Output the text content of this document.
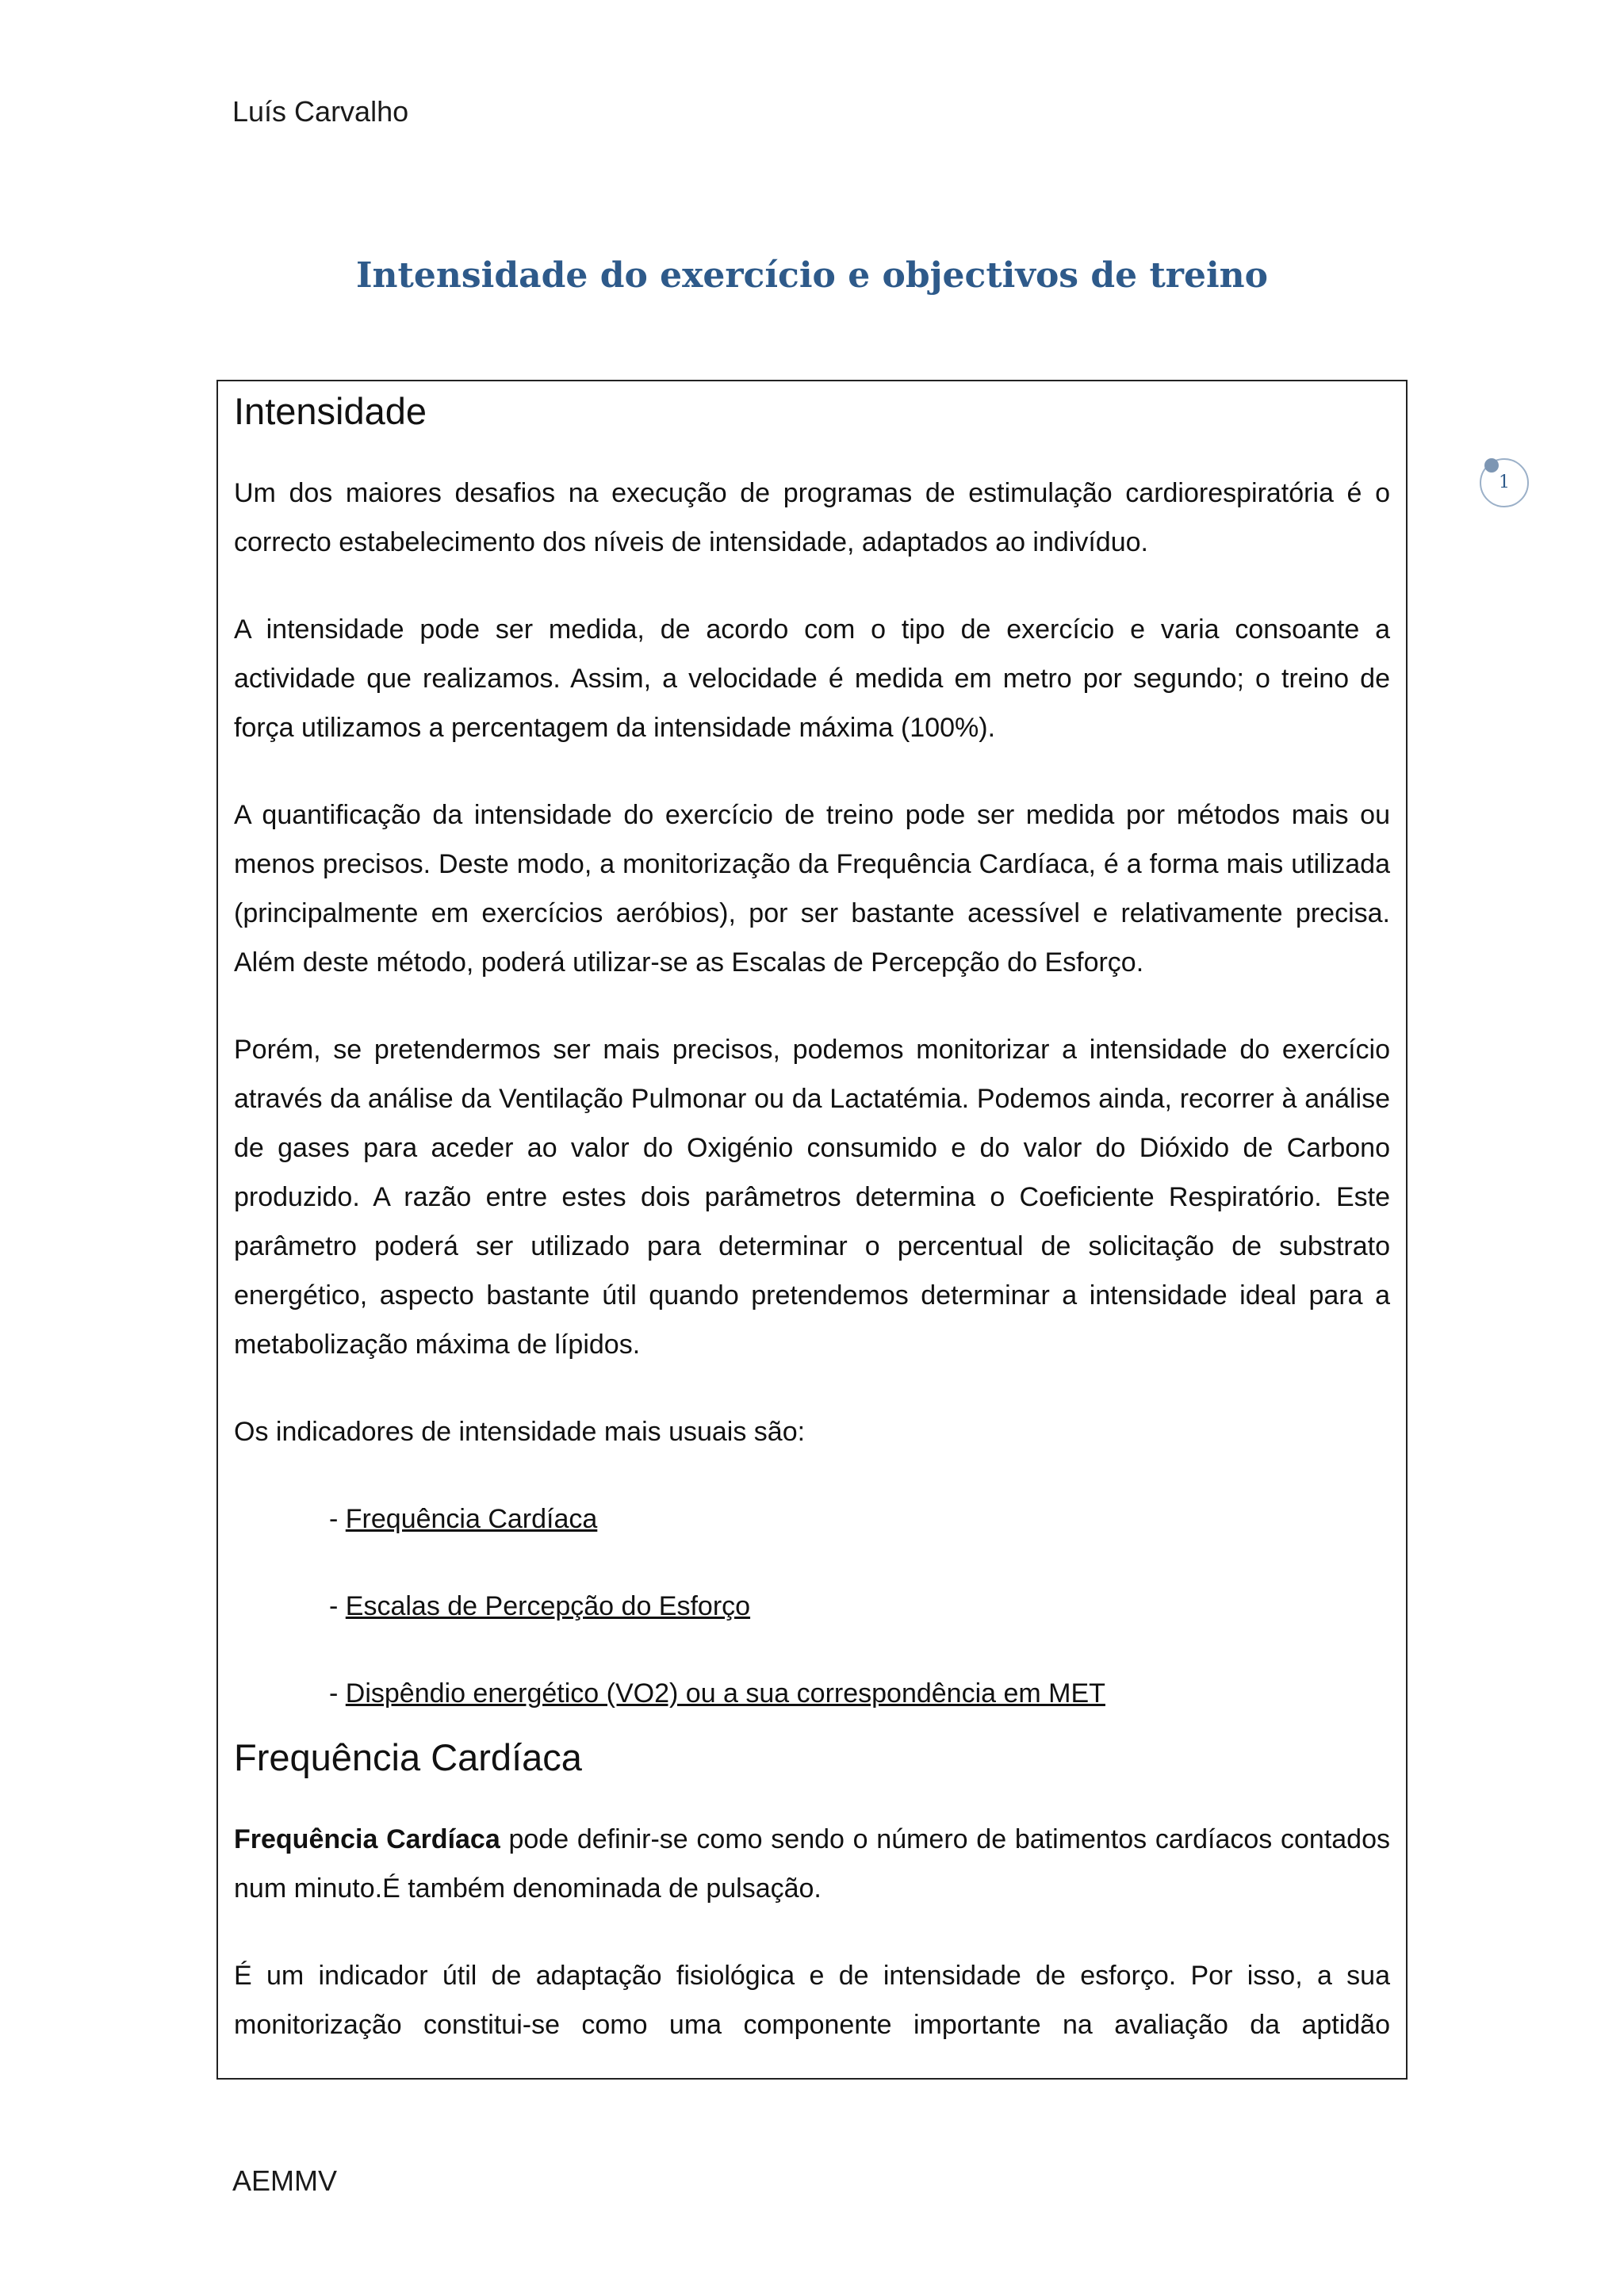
Luís Carvalho
Intensidade do exercício e objectivos de treino
1
Intensidade

Um dos maiores desafios na execução de programas de estimulação cardiorespiratória é o correcto estabelecimento dos níveis de intensidade, adaptados ao indivíduo.

A intensidade pode ser medida, de acordo com o tipo de exercício e varia consoante a actividade que realizamos. Assim, a velocidade é medida em metro por segundo; o treino de força utilizamos a percentagem da intensidade máxima (100%).

A quantificação da intensidade do exercício de treino pode ser medida por métodos mais ou menos precisos. Deste modo, a monitorização da Frequência Cardíaca, é a forma mais utilizada (principalmente em exercícios aeróbios), por ser bastante acessível e relativamente precisa. Além deste método, poderá utilizar-se as Escalas de Percepção do Esforço.

Porém, se pretendermos ser mais precisos, podemos monitorizar a intensidade do exercício através da análise da Ventilação Pulmonar ou da Lactatémia. Podemos ainda, recorrer à análise de gases para aceder ao valor do Oxigénio consumido e do valor do Dióxido de Carbono produzido. A razão entre estes dois parâmetros determina o Coeficiente Respiratório. Este parâmetro poderá ser utilizado para determinar o percentual de solicitação de substrato energético, aspecto bastante útil quando pretendemos determinar a intensidade ideal para a metabolização máxima de lípidos.

Os indicadores de intensidade mais usuais são:

- Frequência Cardíaca
- Escalas de Percepção do Esforço
- Dispêndio energético (VO2) ou a sua correspondência em MET
Frequência Cardíaca

Frequência Cardíaca pode definir-se como sendo o número de batimentos cardíacos contados num minuto.É também denominada de pulsação.

É um indicador útil de adaptação fisiológica e de intensidade de esforço. Por isso, a sua monitorização constitui-se como uma componente importante na avaliação da aptidão

AEMMV
